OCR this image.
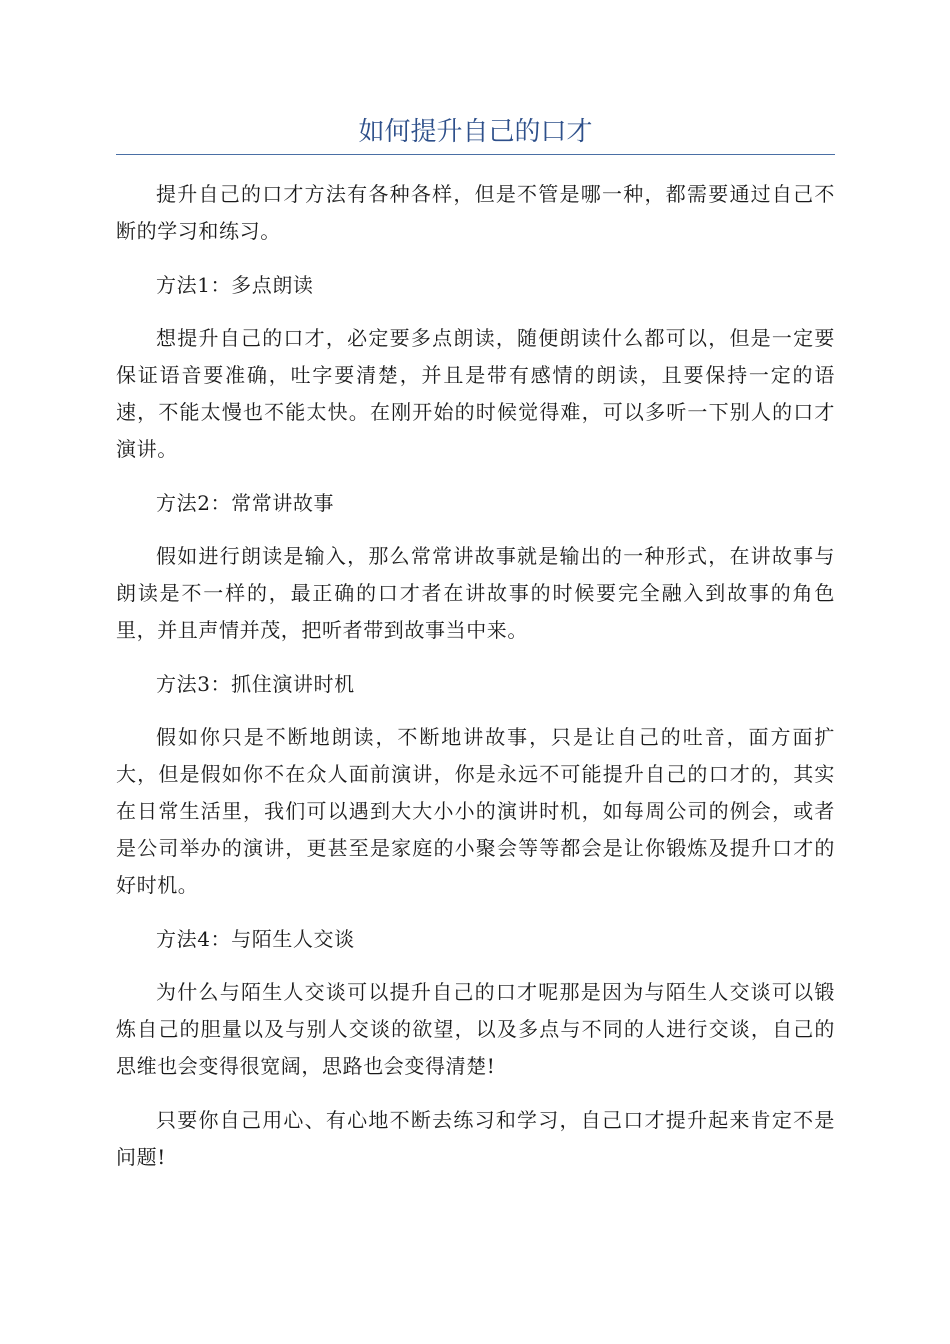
如何提升自己的口才

提升自己的口才方法有各种各样，但是不管是哪一种，都需要通过自己不断的学习和练习。

方法1：多点朗读

想提升自己的口才，必定要多点朗读，随便朗读什么都可以，但是一定要保证语音要准确，吐字要清楚，并且是带有感情的朗读，且要保持一定的语速，不能太慢也不能太快。在刚开始的时候觉得难，可以多听一下别人的口才演讲。

方法2：常常讲故事

假如进行朗读是输入，那么常常讲故事就是输出的一种形式，在讲故事与朗读是不一样的，最正确的口才者在讲故事的时候要完全融入到故事的角色里，并且声情并茂，把听者带到故事当中来。

方法3：抓住演讲时机

假如你只是不断地朗读，不断地讲故事，只是让自己的吐音，面方面扩大，但是假如你不在众人面前演讲，你是永远不可能提升自己的口才的，其实在日常生活里，我们可以遇到大大小小的演讲时机，如每周公司的例会，或者是公司举办的演讲，更甚至是家庭的小聚会等等都会是让你锻炼及提升口才的好时机。

方法4：与陌生人交谈

为什么与陌生人交谈可以提升自己的口才呢那是因为与陌生人交谈可以锻炼自己的胆量以及与别人交谈的欲望，以及多点与不同的人进行交谈，自己的思维也会变得很宽阔，思路也会变得清楚!

只要你自己用心、有心地不断去练习和学习，自己口才提升起来肯定不是问题!
